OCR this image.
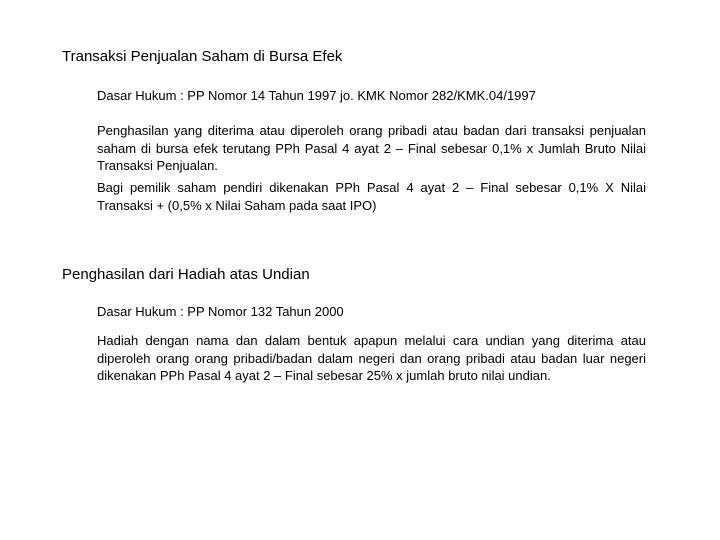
Transaksi Penjualan Saham di Bursa Efek
Dasar Hukum : PP Nomor 14 Tahun 1997 jo. KMK Nomor 282/KMK.04/1997

Penghasilan yang diterima atau diperoleh orang pribadi atau badan dari transaksi penjualan saham di bursa efek terutang PPh Pasal 4 ayat 2 – Final sebesar 0,1% x Jumlah Bruto Nilai Transaksi Penjualan.

Bagi pemilik saham pendiri dikenakan PPh Pasal 4 ayat 2 – Final sebesar 0,1% X Nilai Transaksi + (0,5% x Nilai Saham pada saat IPO)

Penghasilan dari Hadiah atas Undian
Dasar Hukum : PP Nomor 132 Tahun 2000

Hadiah dengan nama dan dalam bentuk apapun melalui cara undian yang diterima atau diperoleh orang orang pribadi/badan dalam negeri dan orang pribadi atau badan luar negeri dikenakan PPh Pasal 4 ayat 2 – Final sebesar 25% x jumlah bruto nilai undian.
